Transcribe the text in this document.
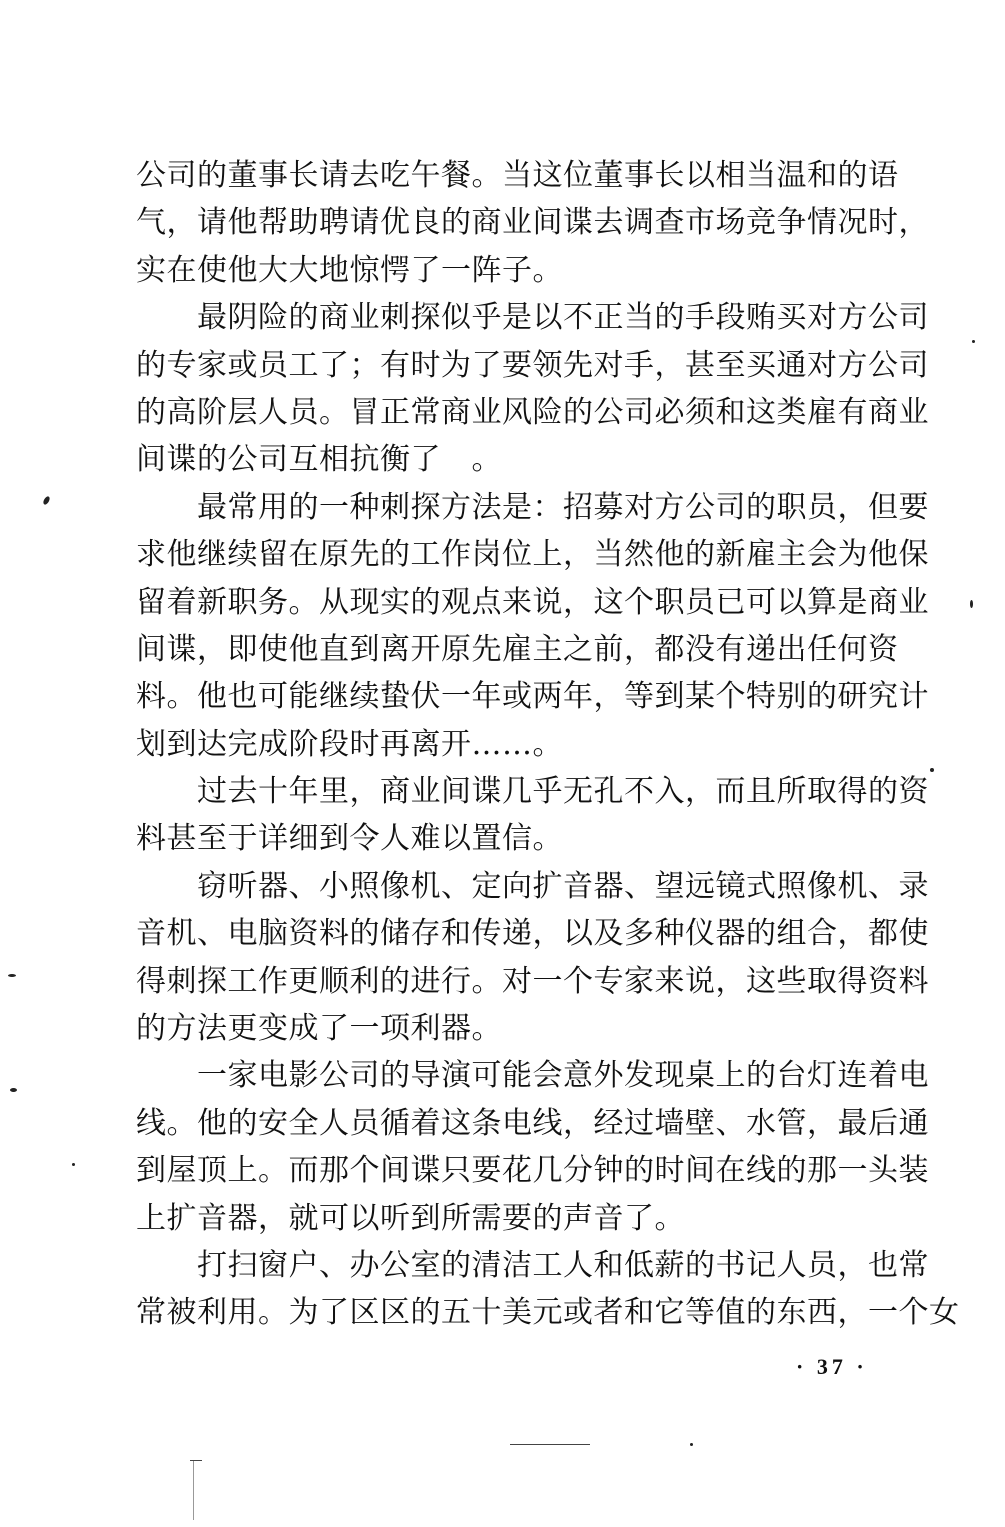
公司的董事长请去吃午餐。当这位董事长以相当温和的语
气，请他帮助聘请优良的商业间谍去调查市场竞争情况时，
实在使他大大地惊愕了一阵子。
　　最阴险的商业刺探似乎是以不正当的手段贿买对方公司
的专家或员工了；有时为了要领先对手，甚至买通对方公司
的高阶层人员。冒正常商业风险的公司必须和这类雇有商业
间谍的公司互相抗衡了　。
　　最常用的一种刺探方法是：招募对方公司的职员，但要
求他继续留在原先的工作岗位上，当然他的新雇主会为他保
留着新职务。从现实的观点来说，这个职员已可以算是商业
间谍，即使他直到离开原先雇主之前，都没有递出任何资
料。他也可能继续蛰伏一年或两年，等到某个特别的研究计
划到达完成阶段时再离开……。
　　过去十年里，商业间谍几乎无孔不入，而且所取得的资
料甚至于详细到令人难以置信。
　　窃听器、小照像机、定向扩音器、望远镜式照像机、录
音机、电脑资料的储存和传递，以及多种仪器的组合，都使
得刺探工作更顺利的进行。对一个专家来说，这些取得资料
的方法更变成了一项利器。
　　一家电影公司的导演可能会意外发现桌上的台灯连着电
线。他的安全人员循着这条电线，经过墙壁、水管，最后通
到屋顶上。而那个间谍只要花几分钟的时间在线的那一头装
上扩音器，就可以听到所需要的声音了。
　　打扫窗户、办公室的清洁工人和低薪的书记人员，也常
常被利用。为了区区的五十美元或者和它等值的东西，一个女
· 37 ·
